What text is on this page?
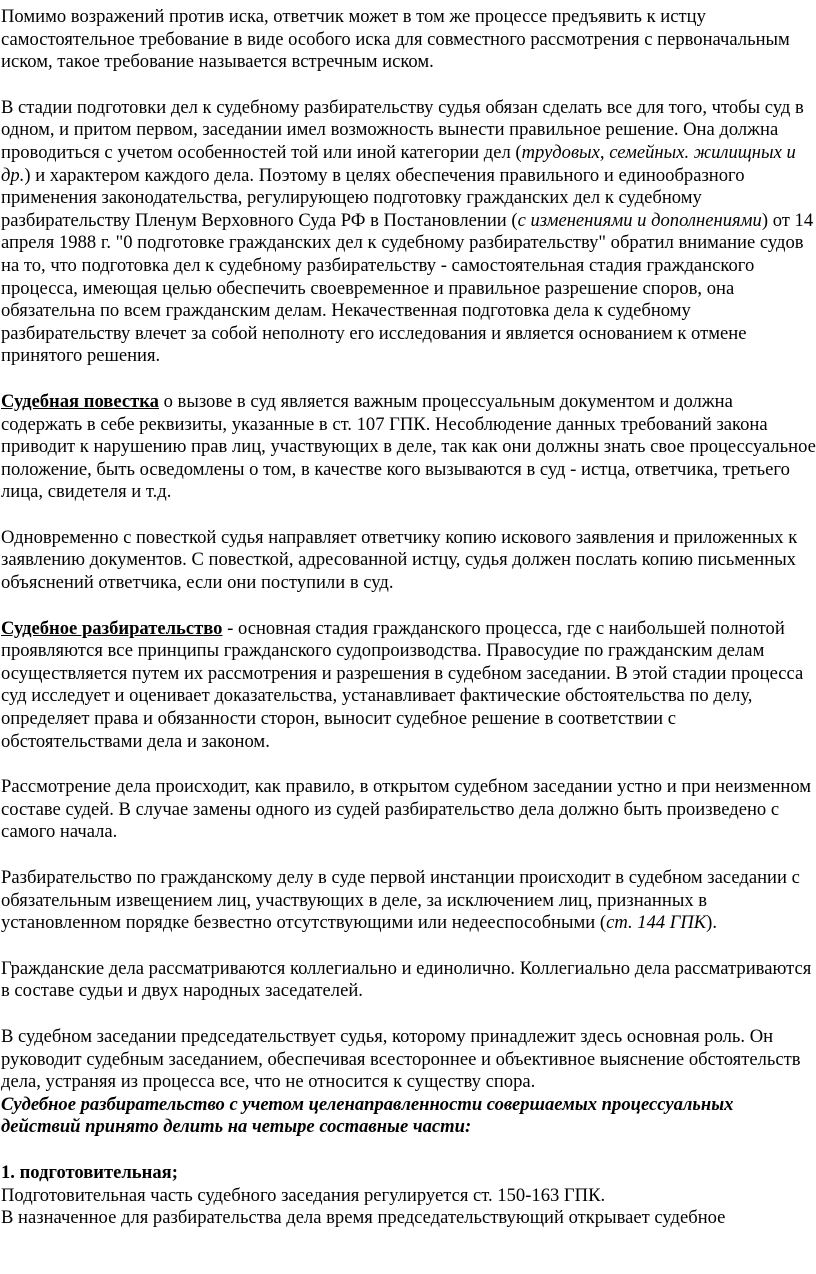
Помимо возражений против иска, ответчик может в том же процессе предъявить к истцу самостоятельное требование в виде особого иска для совместного рассмотрения с первоначальным иском, такое требование называется встречным иском.

В стадии подготовки дел к судебному разбирательству судья обязан сделать все для того, чтобы суд в одном, и притом первом, заседании имел возможность вынести правильное решение. Она должна проводиться с учетом особенностей той или иной категории дел (трудовых, семейных. жилищных и др.) и характером каждого дела. Поэтому в целях обеспечения правильного и единообразного применения законодательства, регулирующею подготовку гражданских дел к судебному разбирательству Пленум Верховного Суда РФ в Постановлении (с изменениями и дополнениями) от 14 апреля 1988 г. "0 подготовке гражданских дел к судебному разбирательству" обратил внимание судов на то, что подготовка дел к судебному разбирательству - самостоятельная стадия гражданского процесса, имеющая целью обеспечить своевременное и правильное разрешение споров, она обязательна по всем гражданским делам. Некачественная подготовка дела к судебному разбирательству влечет за собой неполноту его исследования и является основанием к отмене принятого решения.

Судебная повестка о вызове в суд является важным процессуальным документом и должна содержать в себе реквизиты, указанные в ст. 107 ГПК. Несоблюдение данных требований закона приводит к нарушению прав лиц, участвующих в деле, так как они должны знать свое процессуальное положение, быть осведомлены о том, в качестве кого вызываются в суд - истца, ответчика, третьего лица, свидетеля и т.д.

Одновременно с повесткой судья направляет ответчику копию искового заявления и приложенных к заявлению документов. С повесткой, адресованной истцу, судья должен послать копию письменных объяснений ответчика, если они поступили в суд.

Судебное разбирательство - основная стадия гражданского процесса, где с наибольшей полнотой проявляются все принципы гражданского судопроизводства. Правосудие по гражданским делам осуществляется путем их рассмотрения и разрешения в судебном заседании. В этой стадии процесса суд исследует и оценивает доказательства, устанавливает фактические обстоятельства по делу, определяет права и обязанности сторон, выносит судебное решение в соответствии с обстоятельствами дела и законом.

Рассмотрение дела происходит, как правило, в открытом судебном заседании устно и при неизменном составе судей. В случае замены одного из судей разбирательство дела должно быть произведено с самого начала.

Разбирательство по гражданскому делу в суде первой инстанции происходит в судебном заседании с обязательным извещением лиц, участвующих в деле, за исключением лиц, признанных в установленном порядке безвестно отсутствующими или недееспособными (ст. 144 ГПК).

Гражданские дела рассматриваются коллегиально и единолично. Коллегиально дела рассматриваются в составе судьи и двух народных заседателей.

В судебном заседании председательствует судья, которому принадлежит здесь основная роль. Он руководит судебным заседанием, обеспечивая всестороннее и объективное выяснение обстоятельств дела, устраняя из процесса все, что не относится к существу спора.

Судебное разбирательство с учетом целенаправленности совершаемых процессуальных действий принято делить на четыре составные части:

1. подготовительная;

Подготовительная часть судебного заседания регулируется ст. 150-163 ГПК.

В назначенное для разбирательства дела время председательствующий открывает судебное
